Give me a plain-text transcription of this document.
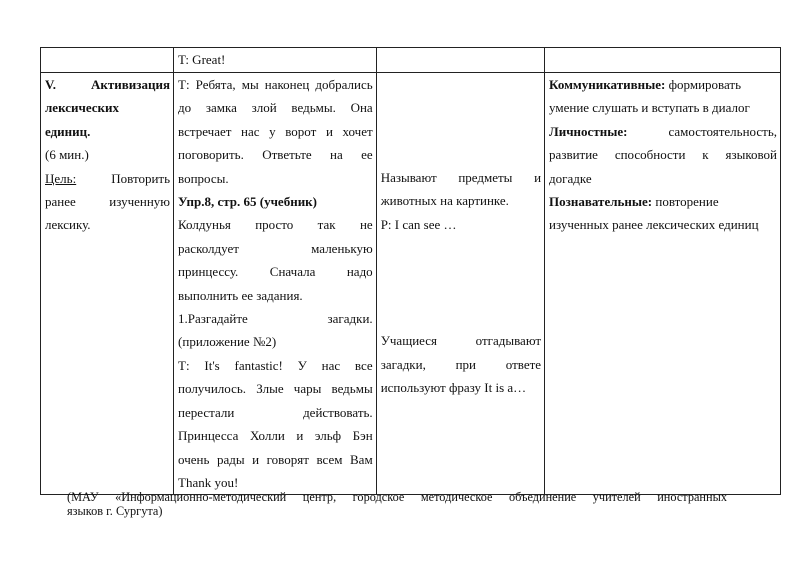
	T: Great!		

V.	Активизация
лексических
единиц.
(6 мин.)
Цель:	Повторить
ранее	изученную
лексику.

Т: Ребята, мы наконец добрались
до замка злой ведьмы. Она
встречает нас у ворот и хочет
поговорить. Ответьте на ее
вопросы.
Упр.8, стр. 65 (учебник)
Колдунья просто так не
расколдует маленькую
принцессу. Сначала надо
выполнить ее задания.
1.Разгадайте загадки.
(приложение №2)
Т: It's fantastic! У нас все
получилось. Злые чары ведьмы
перестали действовать.
Принцесса Холли и эльф Бэн
очень рады и говорят всем Вам
Thank you!

Называют предметы и
животных на картинке.
P: I can see …
Учащиеся отгадывают
загадки, при ответе
используют фразу It is a…

Коммуникативные: формировать
умение слушать и вступать в диалог
Личностные:	самостоятельность,
развитие способности к языковой
догадке
Познавательные: повторение
изученных ранее лексических единиц
(МАУ «Информационно-методический центр, городское методическое объединение учителей иностранных
языков г. Сургута)
